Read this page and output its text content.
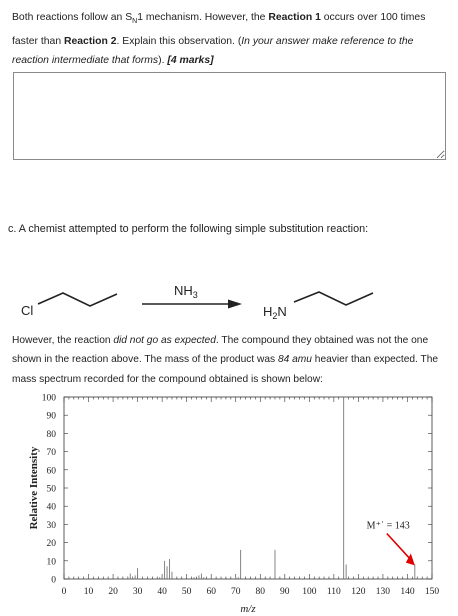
Both reactions follow an $S_N1$ mechanism. However, the Reaction 1 occurs over 100 times faster than Reaction 2. Explain this observation. (In your answer make reference to the reaction intermediate that forms). [4 marks]
c. A chemist attempted to perform the following simple substitution reaction:
Cl
$NH_3$
$H_2N$
However, the reaction did not go as expected. The compound they obtained was not the one shown in the reaction above. The mass of the product was 84 amu heavier than expected. The mass spectrum recorded for the compound obtained is shown below:
0
10
20
30
40
50
60
70
80
90
100
0 10 20 30 40 50 60 70 80 90 100 110 120 130 140 150
Relative Intensity
m/z
M⁺˙ = 143
